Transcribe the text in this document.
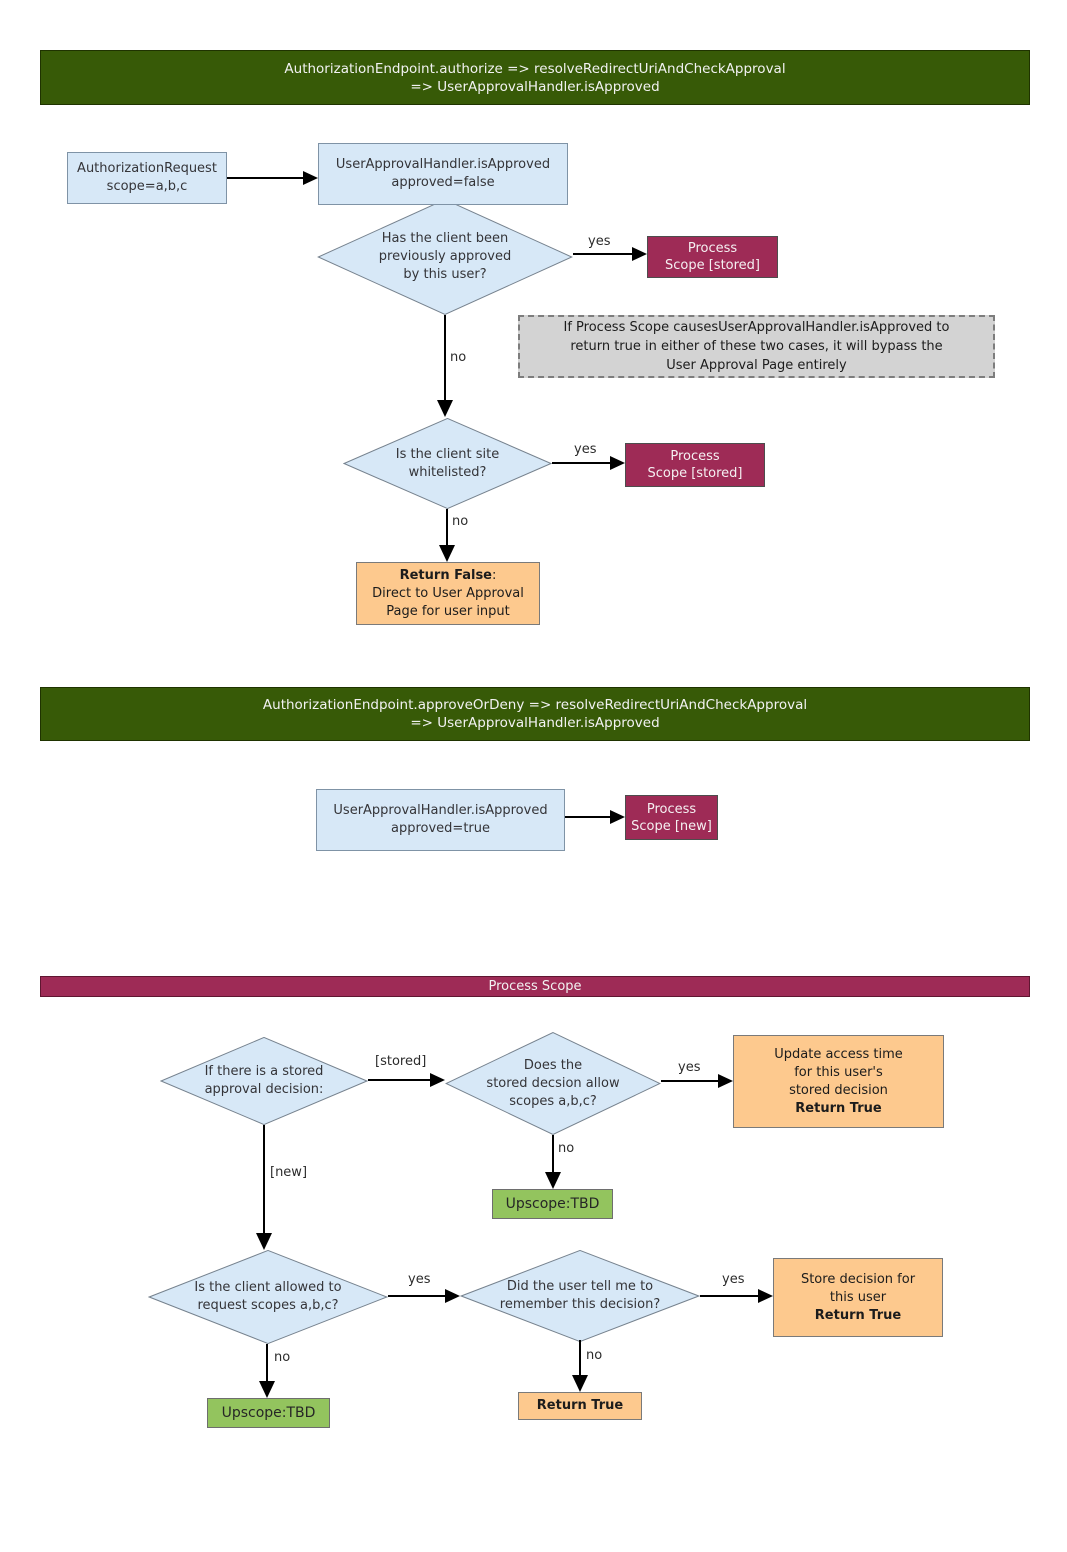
AuthorizationEndpoint.authorize => resolveRedirectUriAndCheckApproval
=> UserApprovalHandler.isApproved
AuthorizationRequest
scope=a,b,c
Has the client been
previously approved
by this user?
UserApprovalHandler.isApproved
approved=false
yes	Process
Scope [stored]
If Process Scope causesUserApprovalHandler.isApproved to
return true in either of these two cases, it will bypass the
User Approval Page entirely
no
Is the client site
whitelisted?
yes	Process
Scope [stored]
no
Return False:
Direct to User Approval
Page for user input
AuthorizationEndpoint.approveOrDeny => resolveRedirectUriAndCheckApproval
=> UserApprovalHandler.isApproved
UserApprovalHandler.isApproved
approved=true
Process
Scope [new]
Process Scope
If there is a stored
approval decision:
[stored]	Does the
stored decsion allow
scopes a,b,c?
yes
Update access time
for this user's
stored decision
Return True
no
Upscope:TBD
[new]
Is the client allowed to
request scopes a,b,c?
yes	Did the user tell me to
remember this decision?
yes	Store decision for
this user
Return True
no
Upscope:TBD
no
Return True
